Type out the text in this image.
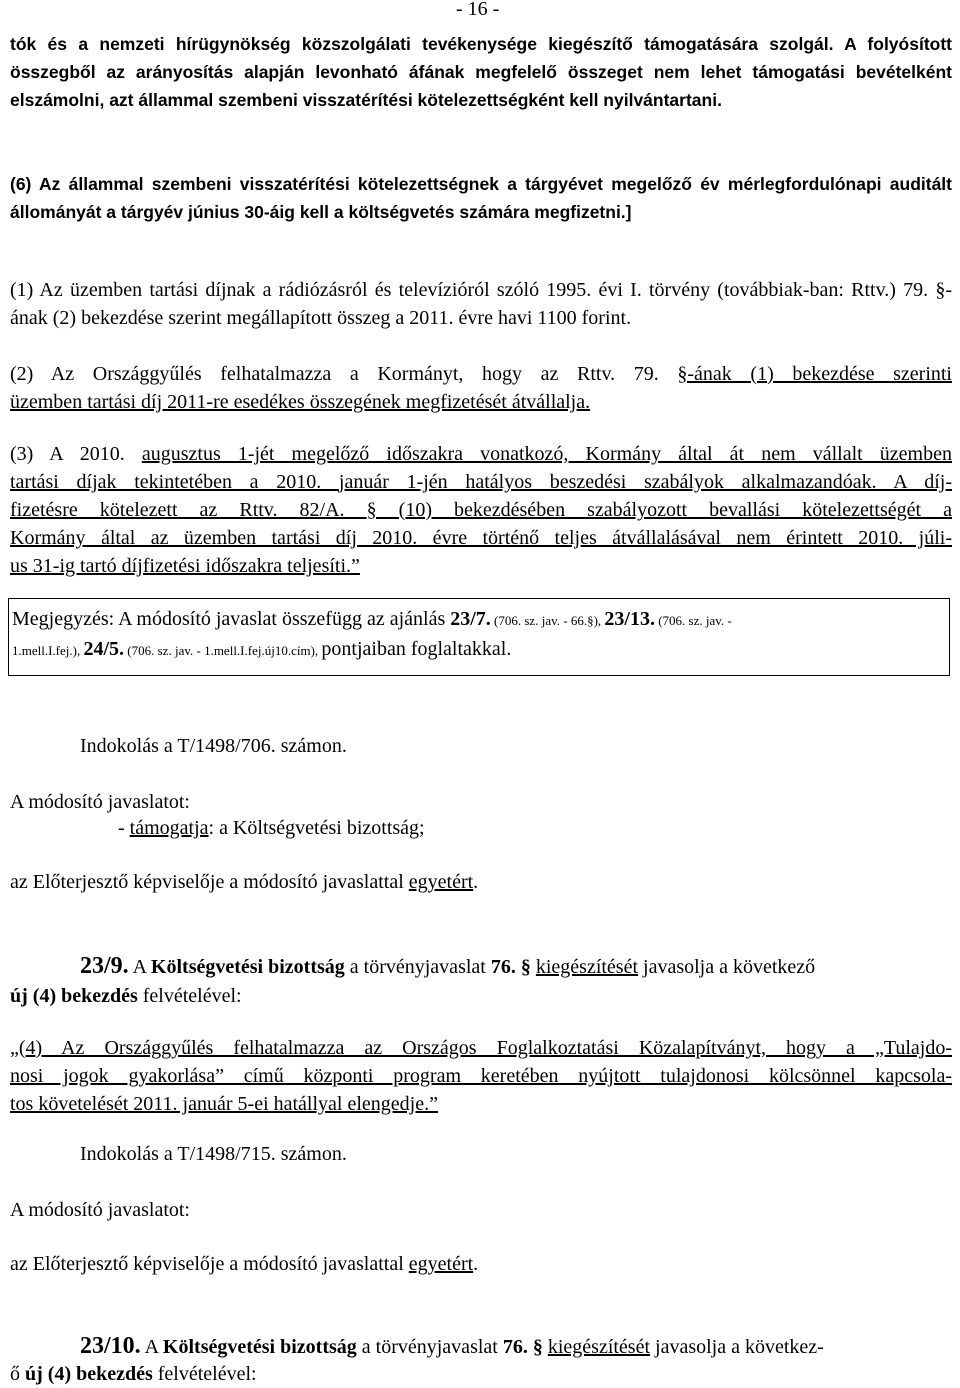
- 16 -
tók és a nemzeti hírügynökség közszolgálati tevékenysége kiegészítő támogatására szolgál. A folyósított összegből az arányosítás alapján levonható áfának megfelelő összeget nem lehet támogatási bevételként elszámolni, azt állammal szembeni visszatérítési kötelezettségként kell nyilvántartani.
(6) Az állammal szembeni visszatérítési kötelezettségnek a tárgyévet megelőző év mérlegfordulónapi auditált állományát a tárgyév június 30-áig kell a költségvetés számára megfizetni.]
(1) Az üzemben tartási díjnak a rádiózásról és televízióról szóló 1995. évi I. törvény (továbbiak-ban: Rttv.) 79. §-ának (2) bekezdése szerint megállapított összeg a 2011. évre havi 1100 forint.
(2) Az Országgyűlés felhatalmazza a Kormányt, hogy az Rttv. 79. §-ának (1) bekezdése szerinti
üzemben tartási díj 2011-re esedékes összegének megfizetését átvállalja.
(3) A 2010. augusztus 1-jét megelőző időszakra vonatkozó, Kormány által át nem vállalt üzemben
tartási díjak tekintetében a 2010. január 1-jén hatályos beszedési szabályok alkalmazandóak. A díj-
fizetésre kötelezett az Rttv. 82/A. § (10) bekezdésében szabályozott bevallási kötelezettségét a
Kormány által az üzemben tartási díj 2010. évre történő teljes átvállalásával nem érintett 2010. júli-
us 31-ig tartó díjfizetési időszakra teljesíti.”
Megjegyzés: A módosító javaslat összefügg az ajánlás 23/7. (706. sz. jav. - 66.§), 23/13. (706. sz. jav. -
1.mell.I.fej.), 24/5. (706. sz. jav. - 1.mell.I.fej.új10.cím), pontjaiban foglaltakkal.
Indokolás a T/1498/706. számon.
A módosító javaslatot:
- támogatja: a Költségvetési bizottság;
az Előterjesztő képviselője a módosító javaslattal egyetért.
23/9. A Költségvetési bizottság a törvényjavaslat 76. § kiegészítését javasolja a következő
új (4) bekezdés felvételével:
„(4) Az Országgyűlés felhatalmazza az Országos Foglalkoztatási Közalapítványt, hogy a „Tulajdo-
nosi jogok gyakorlása” című központi program keretében nyújtott tulajdonosi kölcsönnel kapcsola-
tos követelését 2011. január 5-ei hatállyal elengedje.”
Indokolás a T/1498/715. számon.
A módosító javaslatot:
az Előterjesztő képviselője a módosító javaslattal egyetért.
23/10. A Költségvetési bizottság a törvényjavaslat 76. § kiegészítését javasolja a következ-
ő új (4) bekezdés felvételével:
